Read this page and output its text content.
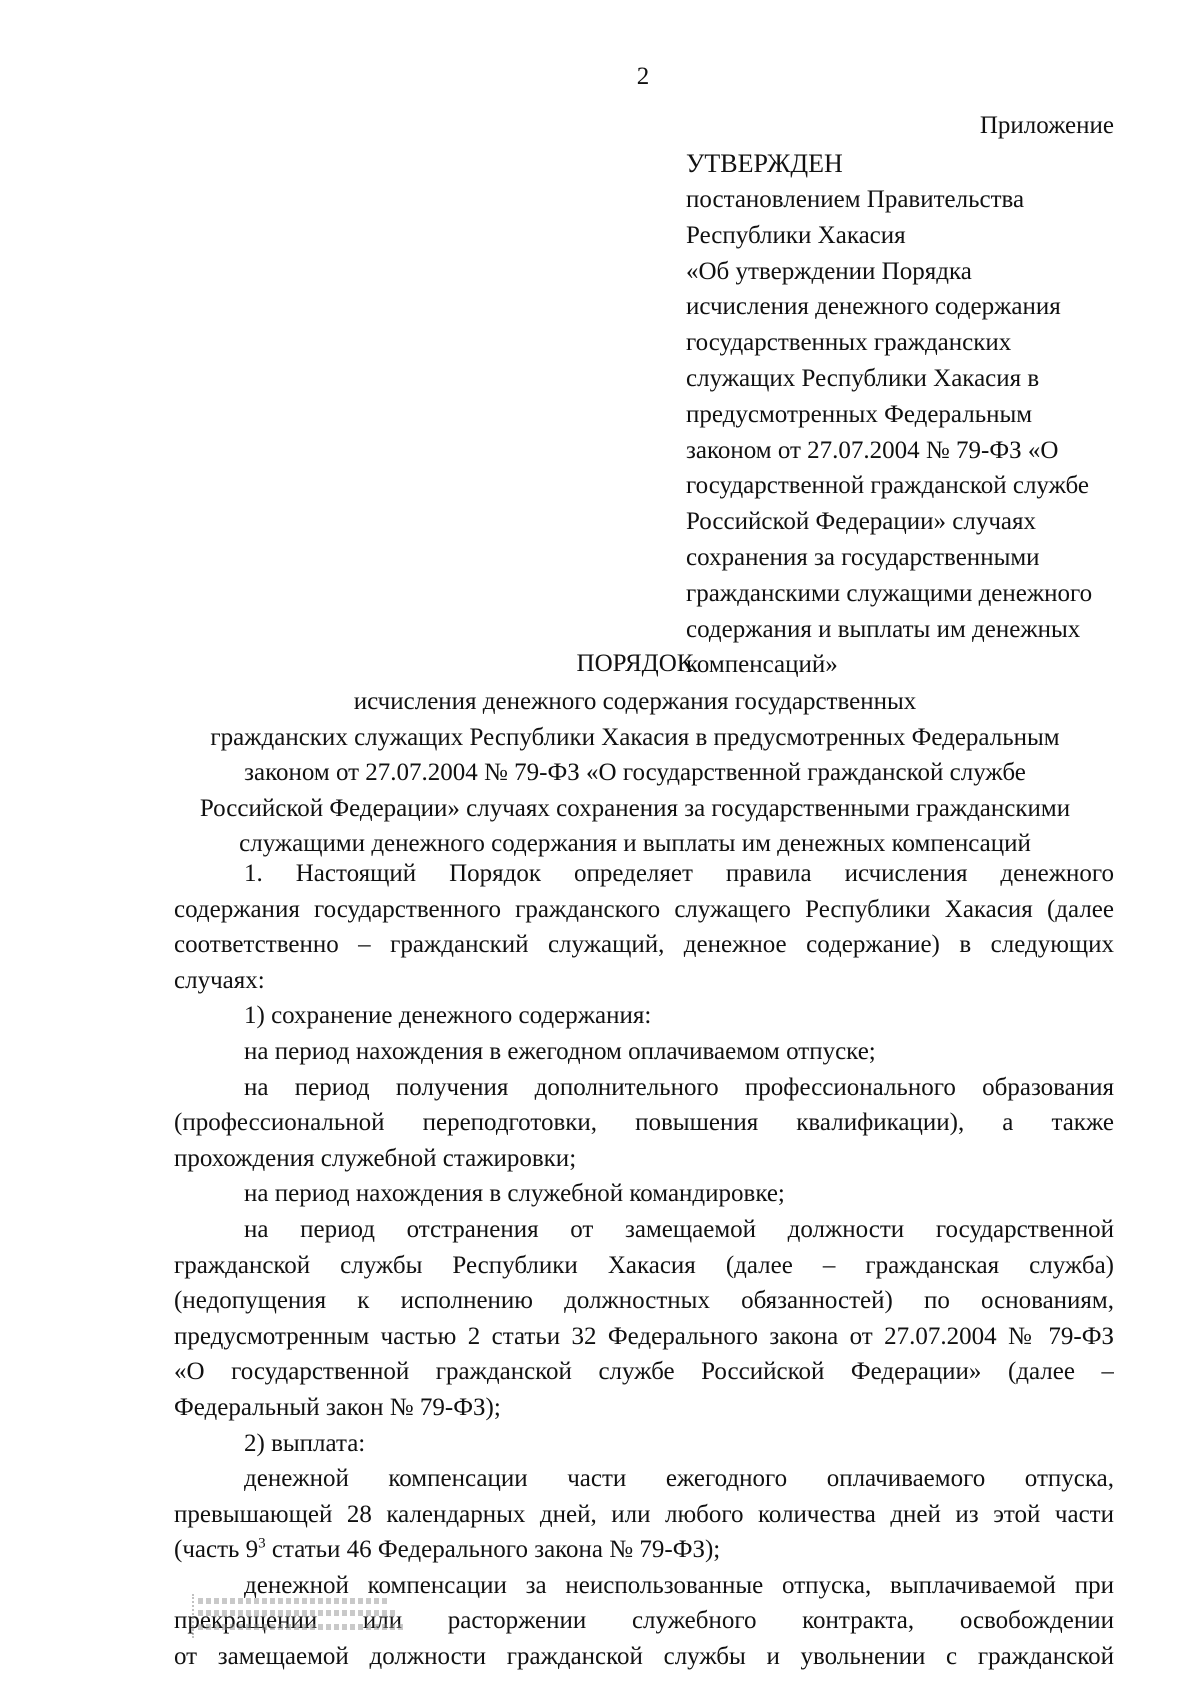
2
Приложение
УТВЕРЖДЕН
постановлением Правительства
Республики Хакасия
«Об утверждении Порядка
исчисления денежного содержания
государственных гражданских
служащих Республики Хакасия в
предусмотренных Федеральным
законом от 27.07.2004 № 79-ФЗ «О
государственной гражданской службе
Российской Федерации» случаях
сохранения за государственными
гражданскими служащими денежного
содержания и выплаты им денежных
компенсаций»
ПОРЯДОК
исчисления денежного содержания государственных
гражданских служащих Республики Хакасия в предусмотренных Федеральным
законом от 27.07.2004 № 79-ФЗ «О государственной гражданской службе
Российской Федерации» случаях сохранения за государственными гражданскими
служащими денежного содержания и выплаты им денежных компенсаций
1. Настоящий Порядок определяет правила исчисления денежного
содержания государственного гражданского служащего Республики Хакасия (далее
соответственно – гражданский служащий, денежное содержание) в следующих
случаях:
1) сохранение денежного содержания:
на период нахождения в ежегодном оплачиваемом отпуске;
на период получения дополнительного профессионального образования
(профессиональной переподготовки, повышения квалификации), а также
прохождения служебной стажировки;
на период нахождения в служебной командировке;
на период отстранения от замещаемой должности государственной
гражданской службы Республики Хакасия (далее – гражданская служба)
(недопущения к исполнению должностных обязанностей) по основаниям,
предусмотренным частью 2 статьи 32 Федерального закона от 27.07.2004 № 79-ФЗ
«О государственной гражданской службе Российской Федерации» (далее –
Федеральный закон № 79-ФЗ);
2) выплата:
денежной компенсации части ежегодного оплачиваемого отпуска,
превышающей 28 календарных дней, или любого количества дней из этой части
(часть $9^3$ статьи 46 Федерального закона № 79-ФЗ);
денежной компенсации за неиспользованные отпуска, выплачиваемой при
прекращении или расторжении служебного контракта, освобождении
от замещаемой должности гражданской службы и увольнении с гражданской
